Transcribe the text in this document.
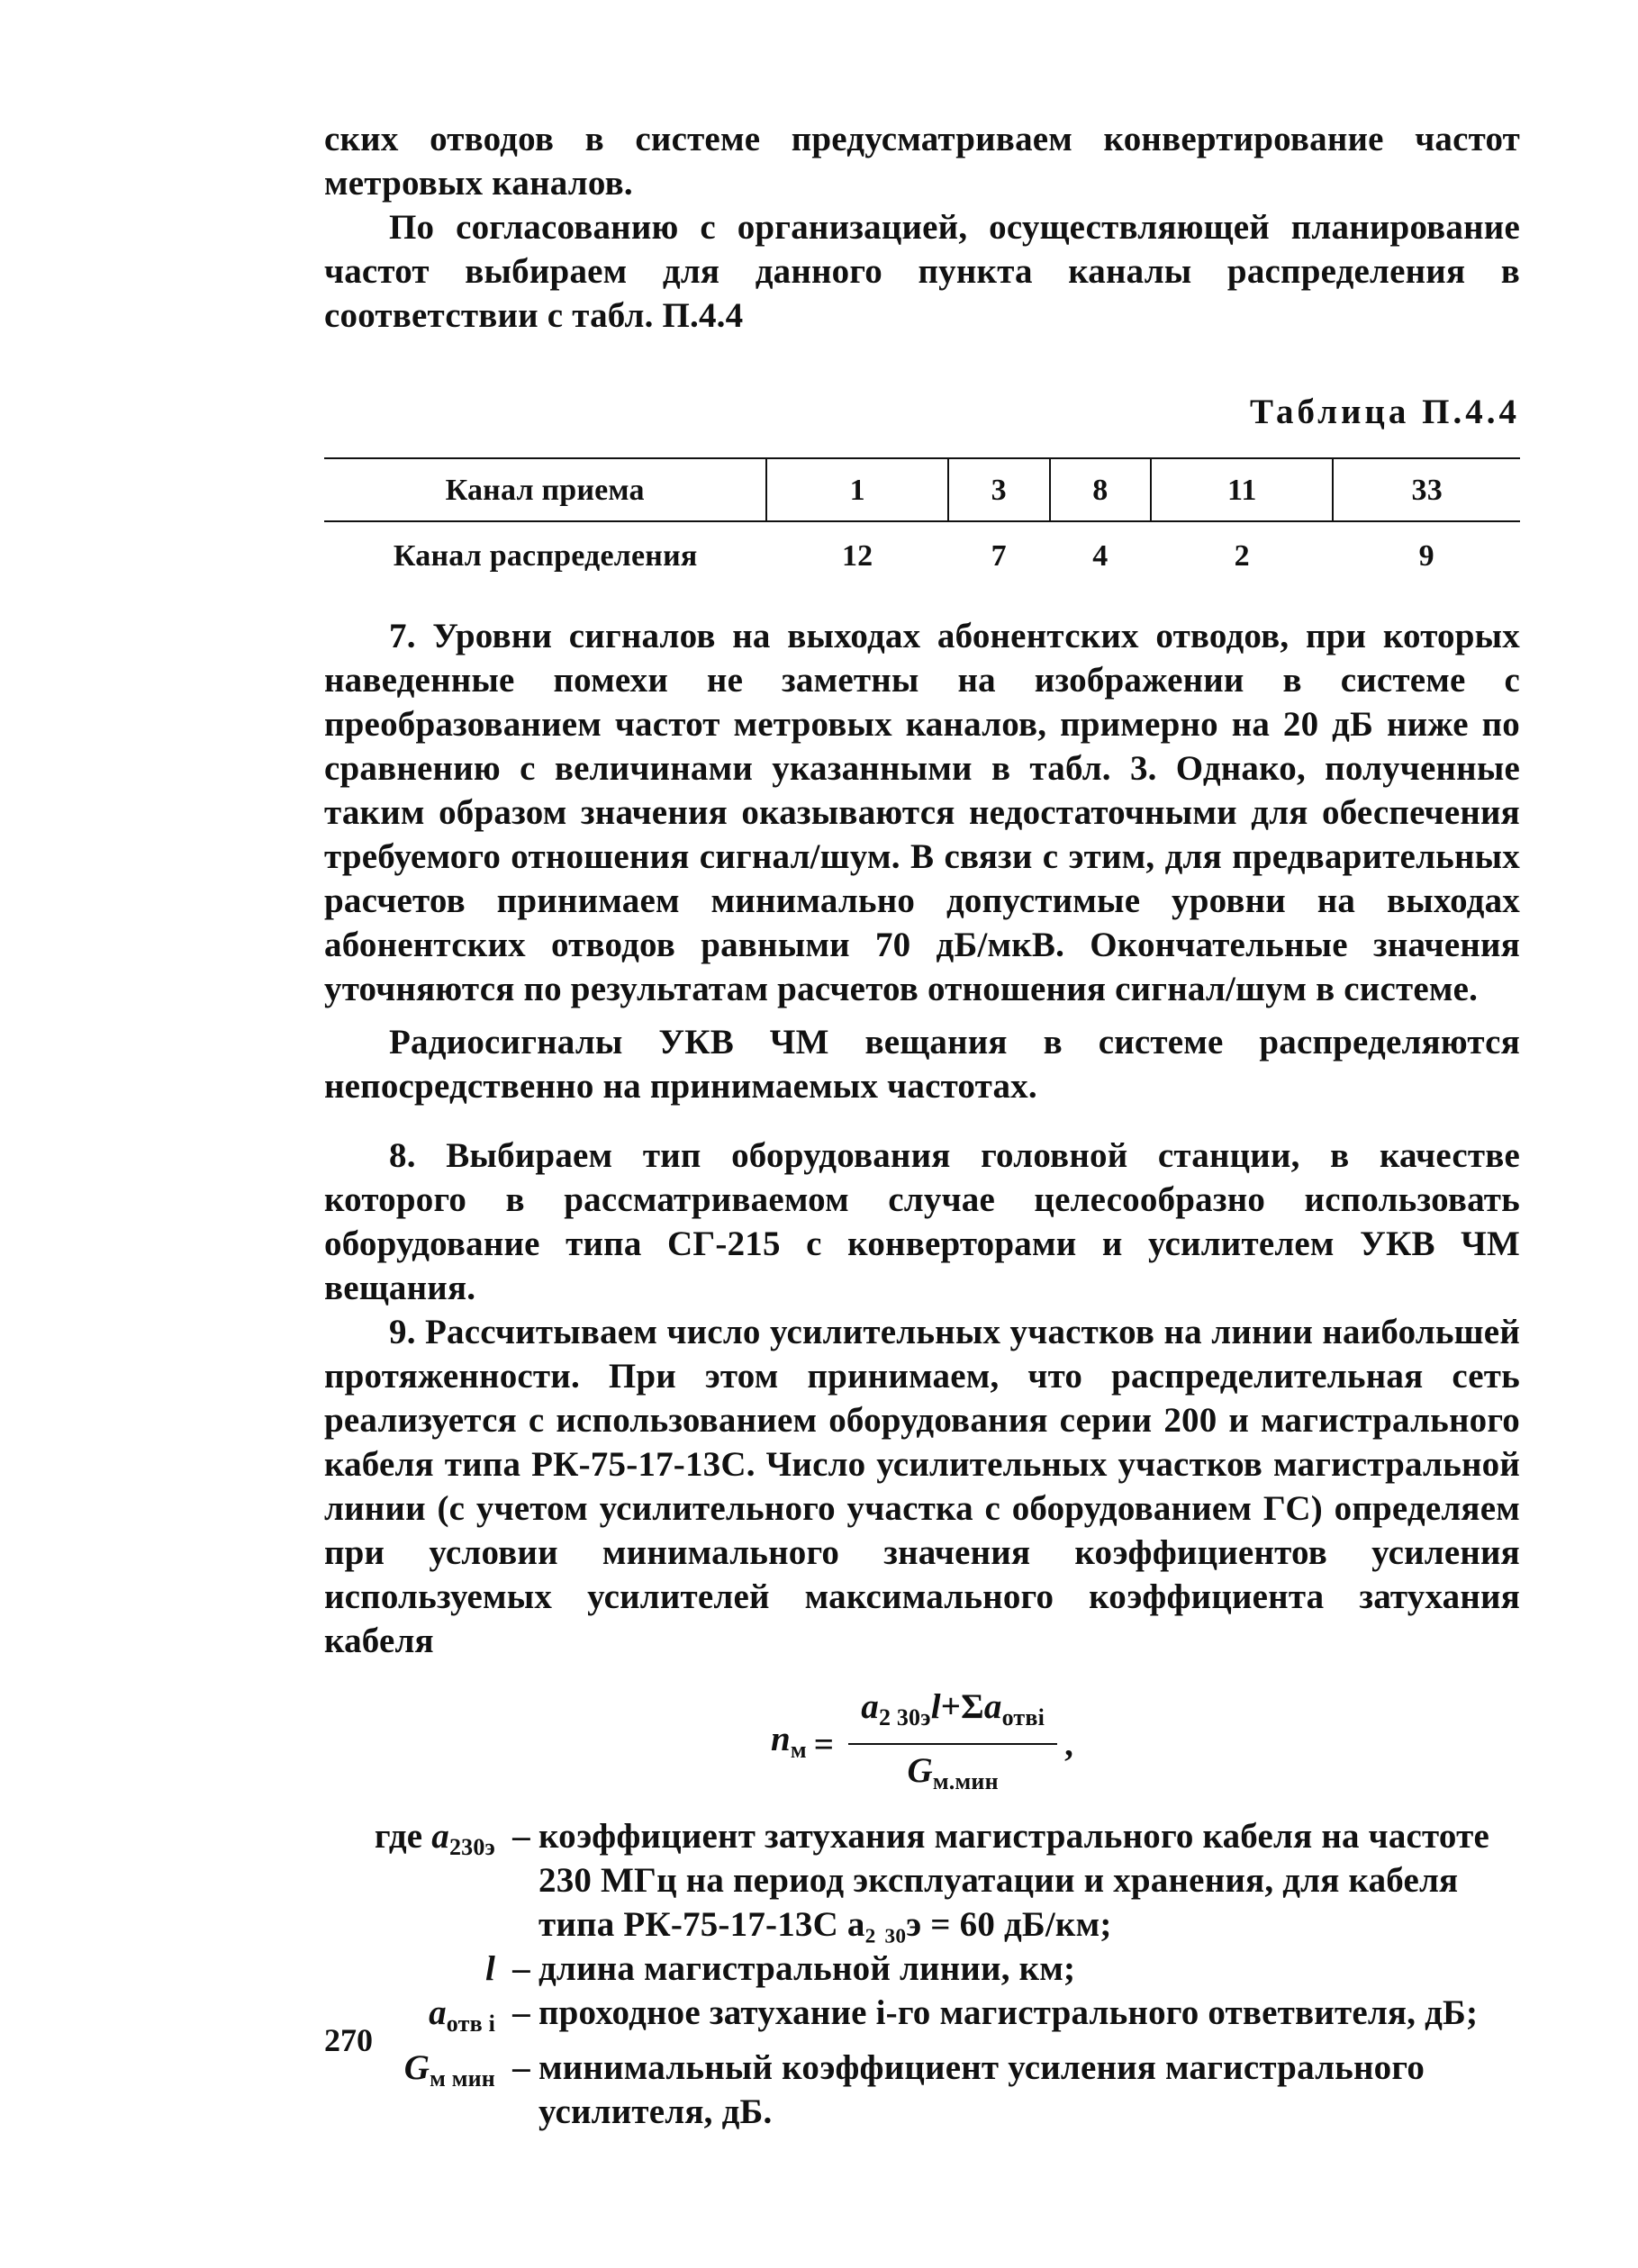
ских отводов в системе предусматриваем конвертирование частот метровых каналов.

По согласованию с организацией, осуществляющей планирование частот выбираем для данного пункта каналы распределения в соответствии с табл. П.4.4

Таблица П.4.4
Канал приема	1	3	8	11	33
Канал распределения	12	7	4	2	9

7. Уровни сигналов на выходах абонентских отводов, при которых наведенные помехи не заметны на изображении в системе с преобразованием частот метровых каналов, примерно на 20 дБ ниже по сравнению с величинами указанными в табл. 3. Однако, полученные таким образом значения оказываются недостаточными для обеспечения требуемого отношения сигнал/шум. В связи с этим, для предварительных расчетов принимаем минимально допустимые уровни на выходах абонентских отводов равными 70 дБ/мкВ. Окончательные значения уточняются по результатам расчетов отношения сигнал/шум в системе.

Радиосигналы УКВ ЧМ вещания в системе распределяются непосредственно на принимаемых частотах.

8. Выбираем тип оборудования головной станции, в качестве которого в рассматриваемом случае целесообразно использовать оборудование типа СГ-215 с конверторами и усилителем УКВ ЧМ вещания.

9. Рассчитываем число усилительных участков на линии наибольшей протяженности. При этом принимаем, что распределительная сеть реализуется с использованием оборудования серии 200 и магистрального кабеля типа РК-75-17-13С. Число усилительных участков магистральной линии (с учетом усилительного участка с оборудованием ГС) определяем при условии минимального значения коэффициентов усиления используемых усилителей максимального коэффициента затухания кабеля

$n_м = \frac{a_{2 30э}l+\Sigma a_{отвi}}{G_{м.мин}}$ ,
где $a_{230э}$ – коэффициент затухания магистрального кабеля на частоте 230 МГц на период эксплуатации и хранения, для кабеля типа РК-75-17-13С a₂ ₃₀э = 60 дБ/км;
l – длина магистральной линии, км;
$a_{отв i}$ – проходное затухание i-го магистрального ответвителя, дБ;
$G_{м мин}$ – минимальный коэффициент усиления магистрального усилителя, дБ.
270
